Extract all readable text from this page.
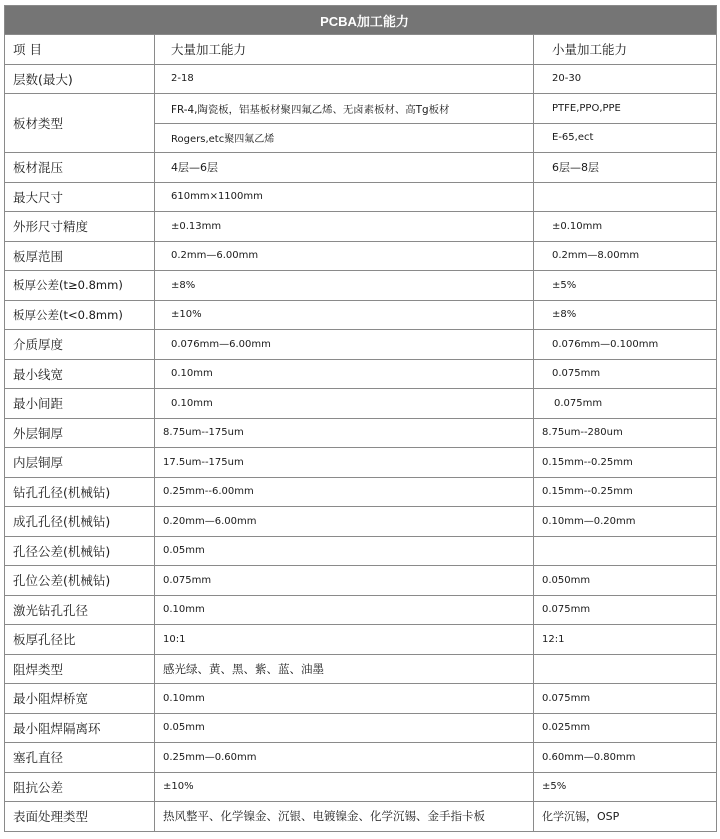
PCBA加工能力		
项 目	大量加工能力	小量加工能力
层数(最大)	2-18	20-30
板材类型	FR-4,陶瓷板，铝基板材聚四氟乙烯、无卤素板材、高Tg板材	PTFE,PPO,PPE
	Rogers,etc聚四氟乙烯	E-65,ect
板材混压	4层—6层	6层—8层
最大尺寸	610mm×1100mm	
外形尺寸精度	±0.13mm	±0.10mm
板厚范围	0.2mm—6.00mm	0.2mm—8.00mm
板厚公差(t≥0.8mm)	±8%	±5%
板厚公差(t<0.8mm)	±10%	±8%
介质厚度	0.076mm—6.00mm	0.076mm—0.100mm
最小线宽	0.10mm	0.075mm
最小间距	0.10mm	0.075mm
外层铜厚	8.75um--175um	8.75um--280um
内层铜厚	17.5um--175um	0.15mm--0.25mm
钻孔孔径(机械钻)	0.25mm--6.00mm	0.15mm--0.25mm
成孔孔径(机械钻)	0.20mm—6.00mm	0.10mm—0.20mm
孔径公差(机械钻)	0.05mm	
孔位公差(机械钻)	0.075mm	0.050mm
激光钻孔孔径	0.10mm	0.075mm
板厚孔径比	10:1	12:1
阻焊类型	感光绿、黄、黑、紫、蓝、油墨	
最小阻焊桥宽	0.10mm	0.075mm
最小阻焊隔离环	0.05mm	0.025mm
塞孔直径	0.25mm—0.60mm	0.60mm—0.80mm
阻抗公差	±10%	±5%
表面处理类型	热风整平、化学镍金、沉银、电镀镍金、化学沉锡、金手指卡板	化学沉锡，OSP
